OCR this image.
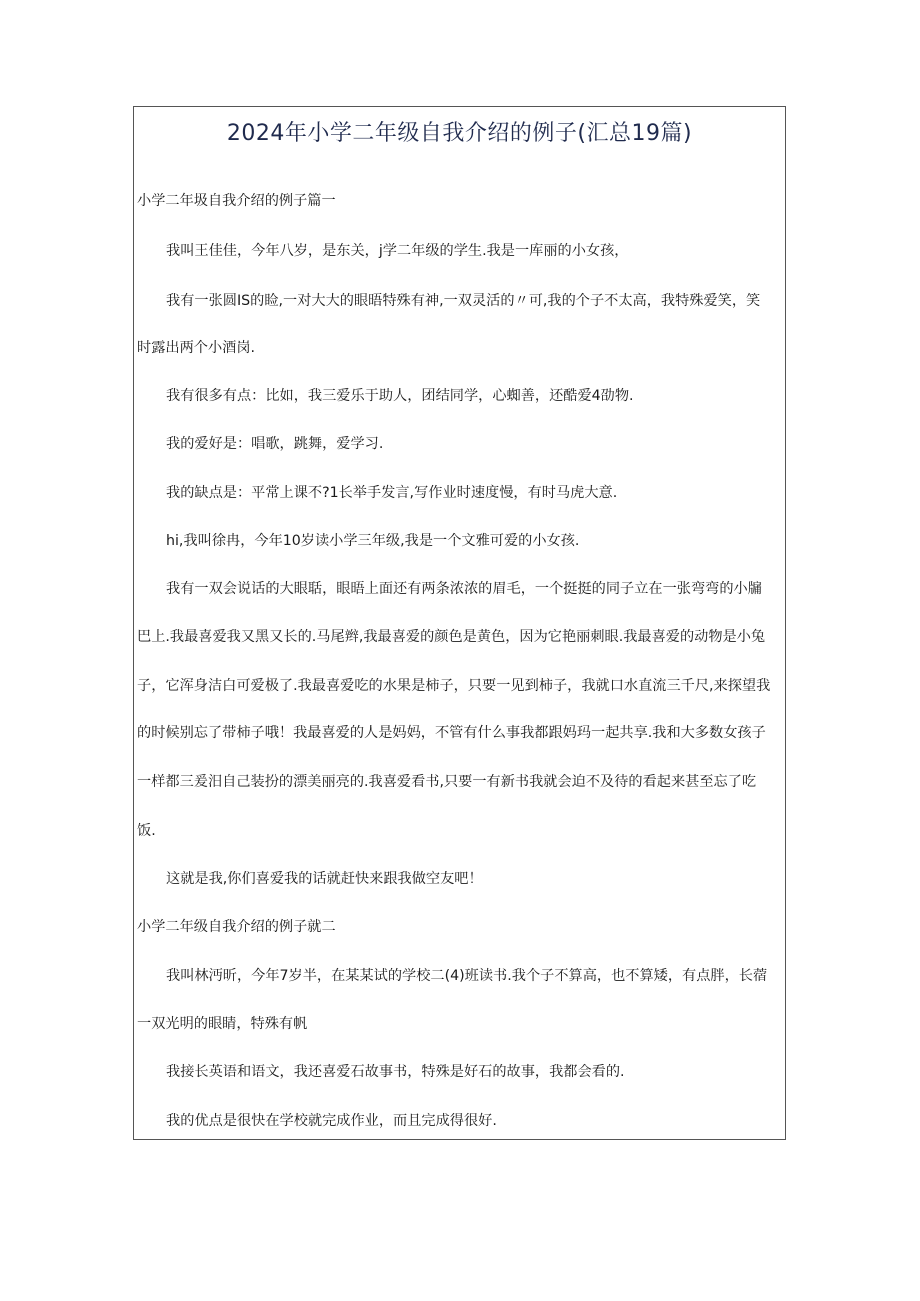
2024年小学二年级自我介绍的例子(汇总19篇)
小学二年圾自我介绍的例子篇一
我叫王佳佳，今年八岁，是东关，j学二年级的学生.我是一库丽的小女孩，
我有一张圆IS的睑,一对大大的眼晤特殊有神,一双灵活的〃可,我的个子不太高，我特殊爱笑，笑
时露出两个小酒岗.
我有很多有点：比如，我三爱乐于助人，团结同学，心蜘善，还酷爱4劭物.
我的爱好是：唱歌，跳舞，爱学习.
我的缺点是：平常上课不?1长举手发言,写作业时速度慢，有时马虎大意.
hi,我叫徐冉，今年10岁读小学三年级,我是一个文雅可爱的小女孩.
我有一双会说话的大眼聒，眼晤上面还有两条浓浓的眉毛，一个挺挺的同子立在一张弯弯的小牖
巴上.我最喜爱我又黑又长的.马尾辫,我最喜爱的颜色是黄色，因为它艳丽刺眼.我最喜爱的动物是小兔
子，它浑身洁白可爱极了.我最喜爱吃的水果是柿子，只要一见到柿子，我就口水直流三千尺,来探望我
的时候别忘了带柿子哦！我最喜爱的人是妈妈，不管有什么事我都跟妈玛一起共享.我和大多数女孩子
一样都三爰汨自己装扮的漂美丽亮的.我喜爱看书,只要一有新书我就会迫不及待的看起来甚至忘了吃
饭.
这就是我,你们喜爱我的话就赶快来跟我做空友吧！
小学二年级自我介绍的例子就二
我叫林沔昕，今年7岁半，在某某试的学校二(4)班读书.我个子不算高，也不算矮，有点胖，长蓿
一双光明的眼睛，特殊有帆
我接长英语和语文，我还喜爱石故事书，特殊是好石的故事，我都会看的.
我的优点是很快在学校就完成作业，而且完成得很好.
